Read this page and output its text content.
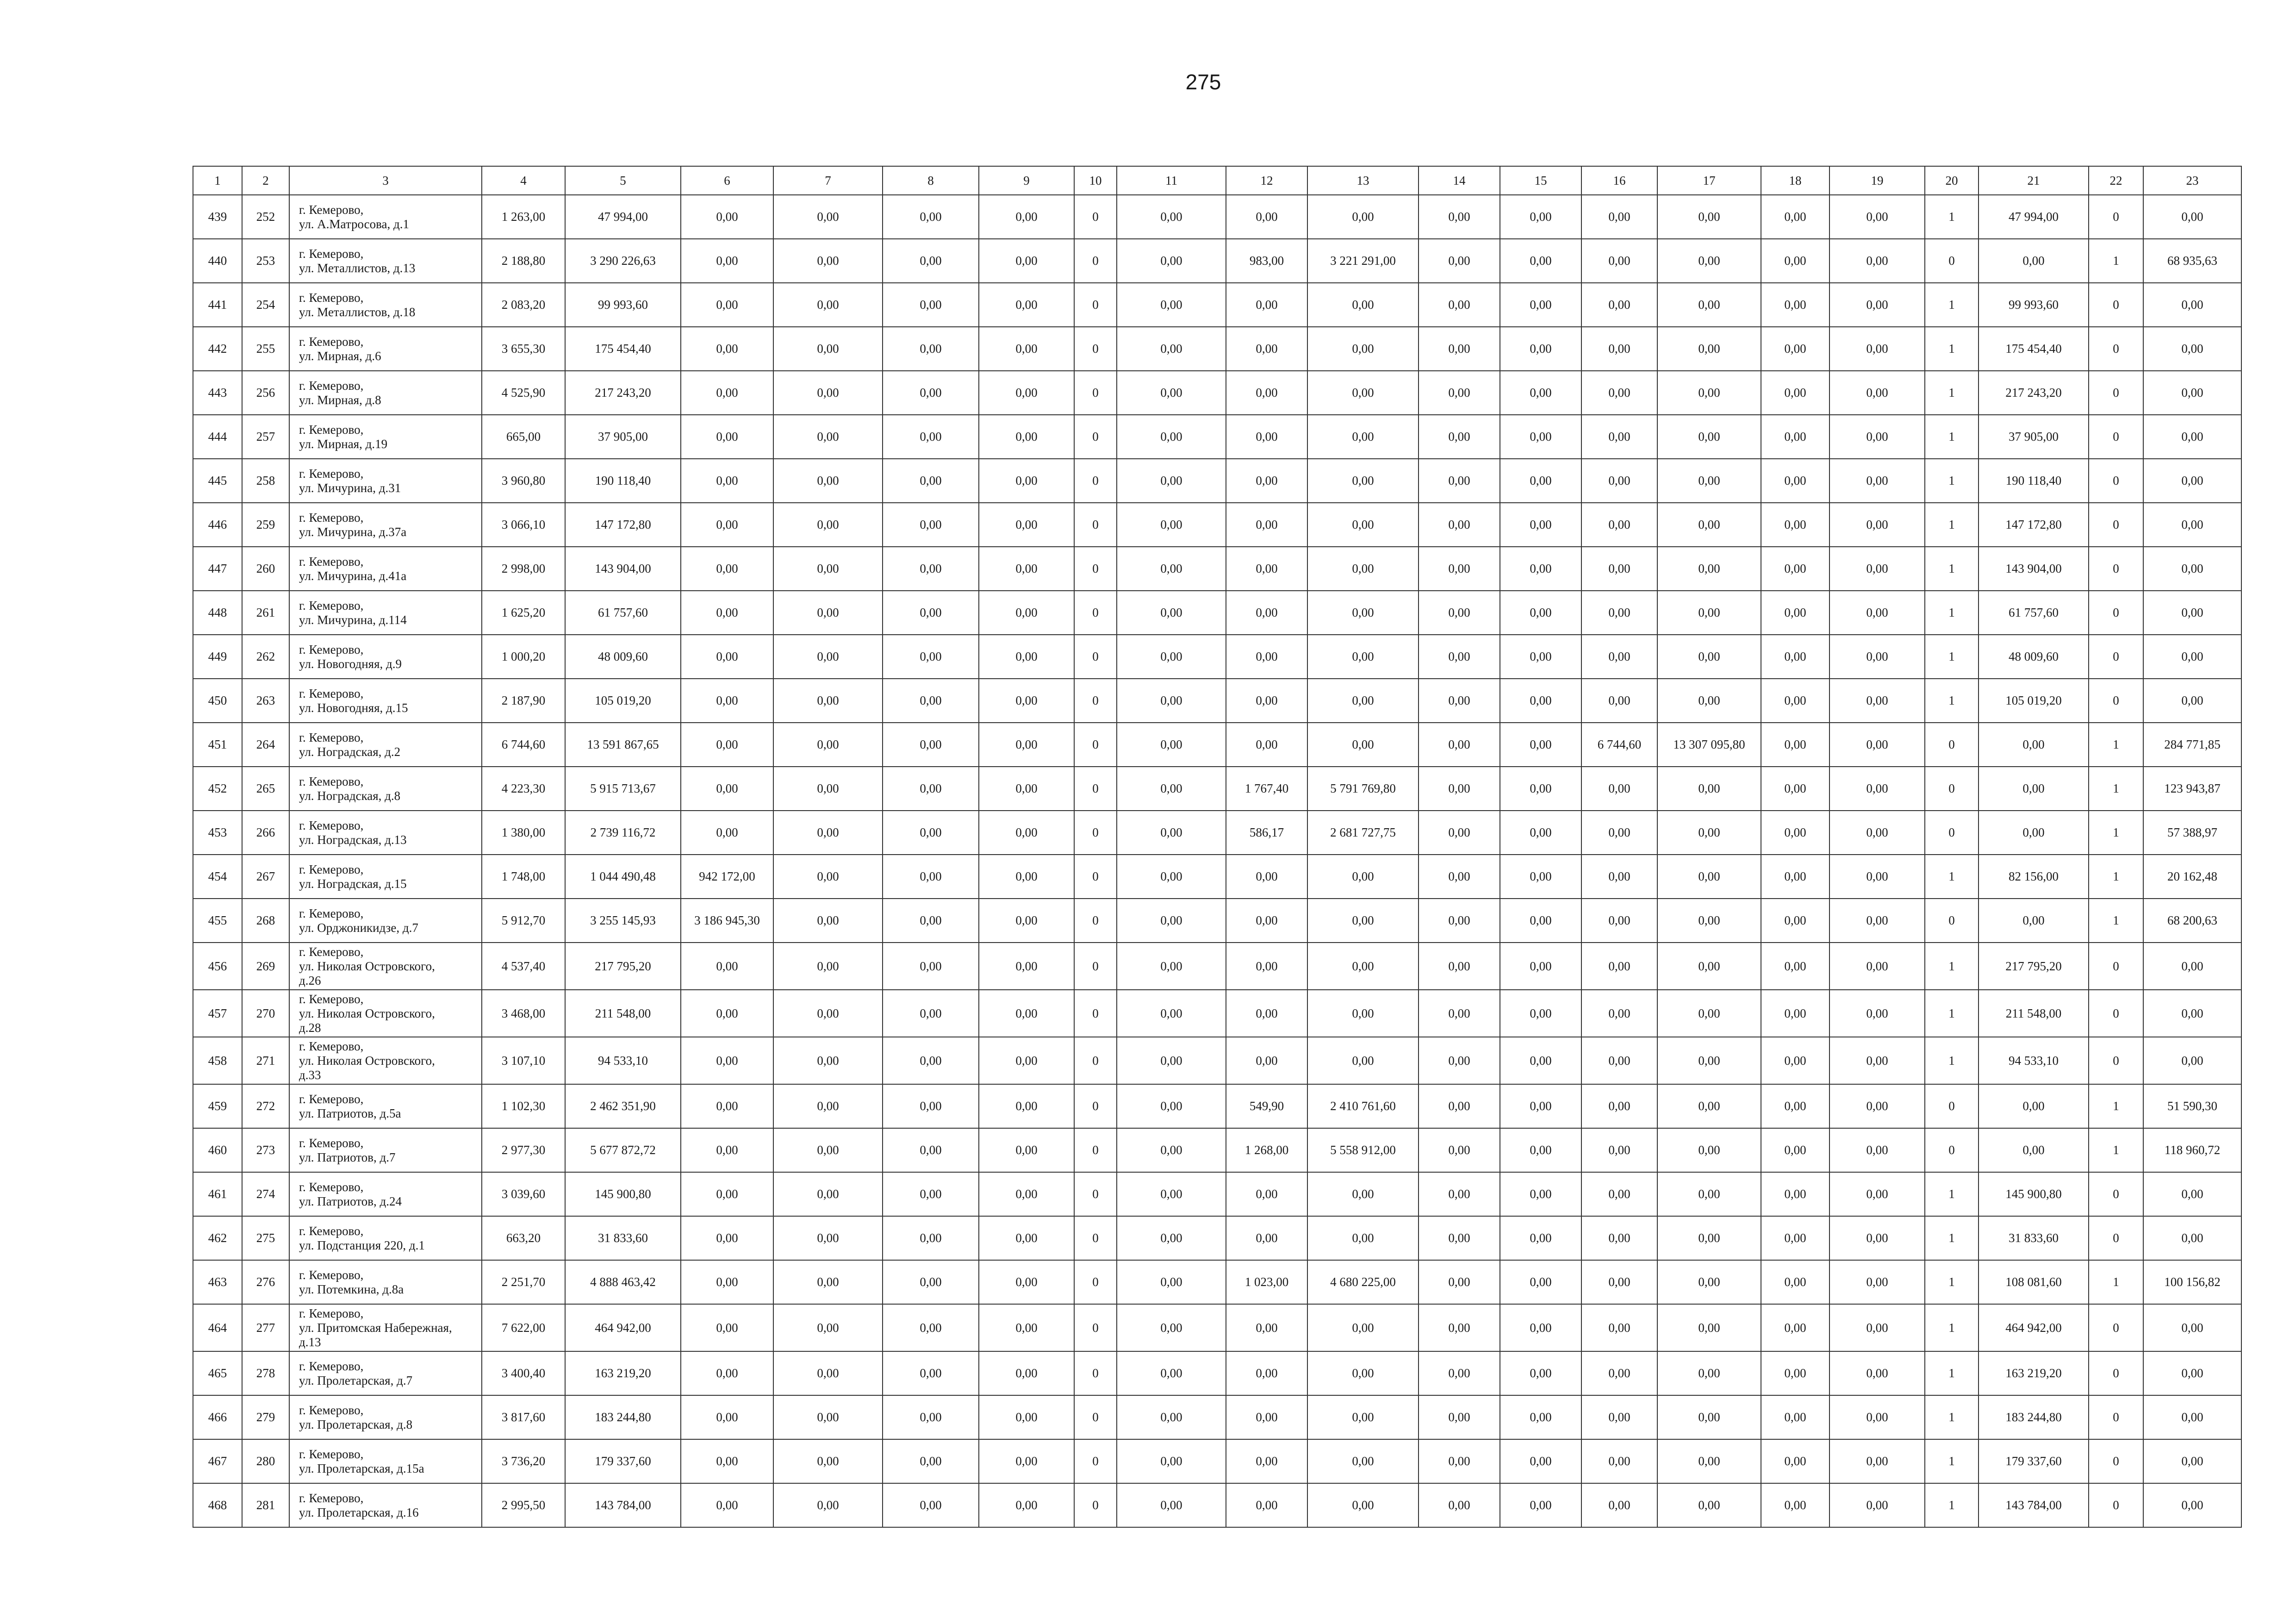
275
1	2	3	4	5	6	7	8	9	10	11	12	13	14	15	16	17	18	19	20	21	22	23
439	252	г. Кемерово,
ул. А.Матросова, д.1	1 263,00	47 994,00	0,00	0,00	0,00	0,00	0	0,00	0,00	0,00	0,00	0,00	0,00	0,00	0,00	0,00	1	47 994,00	0	0,00
440	253	г. Кемерово,
ул. Металлистов, д.13	2 188,80	3 290 226,63	0,00	0,00	0,00	0,00	0	0,00	983,00	3 221 291,00	0,00	0,00	0,00	0,00	0,00	0,00	0	0,00	1	68 935,63
441	254	г. Кемерово,
ул. Металлистов, д.18	2 083,20	99 993,60	0,00	0,00	0,00	0,00	0	0,00	0,00	0,00	0,00	0,00	0,00	0,00	0,00	0,00	1	99 993,60	0	0,00
442	255	г. Кемерово,
ул. Мирная, д.6	3 655,30	175 454,40	0,00	0,00	0,00	0,00	0	0,00	0,00	0,00	0,00	0,00	0,00	0,00	0,00	0,00	1	175 454,40	0	0,00
443	256	г. Кемерово,
ул. Мирная, д.8	4 525,90	217 243,20	0,00	0,00	0,00	0,00	0	0,00	0,00	0,00	0,00	0,00	0,00	0,00	0,00	0,00	1	217 243,20	0	0,00
444	257	г. Кемерово,
ул. Мирная, д.19	665,00	37 905,00	0,00	0,00	0,00	0,00	0	0,00	0,00	0,00	0,00	0,00	0,00	0,00	0,00	0,00	1	37 905,00	0	0,00
445	258	г. Кемерово,
ул. Мичурина, д.31	3 960,80	190 118,40	0,00	0,00	0,00	0,00	0	0,00	0,00	0,00	0,00	0,00	0,00	0,00	0,00	0,00	1	190 118,40	0	0,00
446	259	г. Кемерово,
ул. Мичурина, д.37а	3 066,10	147 172,80	0,00	0,00	0,00	0,00	0	0,00	0,00	0,00	0,00	0,00	0,00	0,00	0,00	0,00	1	147 172,80	0	0,00
447	260	г. Кемерово,
ул. Мичурина, д.41а	2 998,00	143 904,00	0,00	0,00	0,00	0,00	0	0,00	0,00	0,00	0,00	0,00	0,00	0,00	0,00	0,00	1	143 904,00	0	0,00
448	261	г. Кемерово,
ул. Мичурина, д.114	1 625,20	61 757,60	0,00	0,00	0,00	0,00	0	0,00	0,00	0,00	0,00	0,00	0,00	0,00	0,00	0,00	1	61 757,60	0	0,00
449	262	г. Кемерово,
ул. Новогодняя, д.9	1 000,20	48 009,60	0,00	0,00	0,00	0,00	0	0,00	0,00	0,00	0,00	0,00	0,00	0,00	0,00	0,00	1	48 009,60	0	0,00
450	263	г. Кемерово,
ул. Новогодняя, д.15	2 187,90	105 019,20	0,00	0,00	0,00	0,00	0	0,00	0,00	0,00	0,00	0,00	0,00	0,00	0,00	0,00	1	105 019,20	0	0,00
451	264	г. Кемерово,
ул. Ноградская, д.2	6 744,60	13 591 867,65	0,00	0,00	0,00	0,00	0	0,00	0,00	0,00	0,00	0,00	6 744,60	13 307 095,80	0,00	0,00	0	0,00	1	284 771,85
452	265	г. Кемерово,
ул. Ноградская, д.8	4 223,30	5 915 713,67	0,00	0,00	0,00	0,00	0	0,00	1 767,40	5 791 769,80	0,00	0,00	0,00	0,00	0,00	0,00	0	0,00	1	123 943,87
453	266	г. Кемерово,
ул. Ноградская, д.13	1 380,00	2 739 116,72	0,00	0,00	0,00	0,00	0	0,00	586,17	2 681 727,75	0,00	0,00	0,00	0,00	0,00	0,00	0	0,00	1	57 388,97
454	267	г. Кемерово,
ул. Ноградская, д.15	1 748,00	1 044 490,48	942 172,00	0,00	0,00	0,00	0	0,00	0,00	0,00	0,00	0,00	0,00	0,00	0,00	0,00	1	82 156,00	1	20 162,48
455	268	г. Кемерово,
ул. Орджоникидзе, д.7	5 912,70	3 255 145,93	3 186 945,30	0,00	0,00	0,00	0	0,00	0,00	0,00	0,00	0,00	0,00	0,00	0,00	0,00	0	0,00	1	68 200,63
456	269	г. Кемерово,
ул. Николая Островского,
д.26	4 537,40	217 795,20	0,00	0,00	0,00	0,00	0	0,00	0,00	0,00	0,00	0,00	0,00	0,00	0,00	0,00	1	217 795,20	0	0,00
457	270	г. Кемерово,
ул. Николая Островского,
д.28	3 468,00	211 548,00	0,00	0,00	0,00	0,00	0	0,00	0,00	0,00	0,00	0,00	0,00	0,00	0,00	0,00	1	211 548,00	0	0,00
458	271	г. Кемерово,
ул. Николая Островского,
д.33	3 107,10	94 533,10	0,00	0,00	0,00	0,00	0	0,00	0,00	0,00	0,00	0,00	0,00	0,00	0,00	0,00	1	94 533,10	0	0,00
459	272	г. Кемерово,
ул. Патриотов, д.5а	1 102,30	2 462 351,90	0,00	0,00	0,00	0,00	0	0,00	549,90	2 410 761,60	0,00	0,00	0,00	0,00	0,00	0,00	0	0,00	1	51 590,30
460	273	г. Кемерово,
ул. Патриотов, д.7	2 977,30	5 677 872,72	0,00	0,00	0,00	0,00	0	0,00	1 268,00	5 558 912,00	0,00	0,00	0,00	0,00	0,00	0,00	0	0,00	1	118 960,72
461	274	г. Кемерово,
ул. Патриотов, д.24	3 039,60	145 900,80	0,00	0,00	0,00	0,00	0	0,00	0,00	0,00	0,00	0,00	0,00	0,00	0,00	0,00	1	145 900,80	0	0,00
462	275	г. Кемерово,
ул. Подстанция 220, д.1	663,20	31 833,60	0,00	0,00	0,00	0,00	0	0,00	0,00	0,00	0,00	0,00	0,00	0,00	0,00	0,00	1	31 833,60	0	0,00
463	276	г. Кемерово,
ул. Потемкина, д.8а	2 251,70	4 888 463,42	0,00	0,00	0,00	0,00	0	0,00	1 023,00	4 680 225,00	0,00	0,00	0,00	0,00	0,00	0,00	1	108 081,60	1	100 156,82
464	277	г. Кемерово,
ул. Притомская Набережная,
д.13	7 622,00	464 942,00	0,00	0,00	0,00	0,00	0	0,00	0,00	0,00	0,00	0,00	0,00	0,00	0,00	0,00	1	464 942,00	0	0,00
465	278	г. Кемерово,
ул. Пролетарская, д.7	3 400,40	163 219,20	0,00	0,00	0,00	0,00	0	0,00	0,00	0,00	0,00	0,00	0,00	0,00	0,00	0,00	1	163 219,20	0	0,00
466	279	г. Кемерово,
ул. Пролетарская, д.8	3 817,60	183 244,80	0,00	0,00	0,00	0,00	0	0,00	0,00	0,00	0,00	0,00	0,00	0,00	0,00	0,00	1	183 244,80	0	0,00
467	280	г. Кемерово,
ул. Пролетарская, д.15а	3 736,20	179 337,60	0,00	0,00	0,00	0,00	0	0,00	0,00	0,00	0,00	0,00	0,00	0,00	0,00	0,00	1	179 337,60	0	0,00
468	281	г. Кемерово,
ул. Пролетарская, д.16	2 995,50	143 784,00	0,00	0,00	0,00	0,00	0	0,00	0,00	0,00	0,00	0,00	0,00	0,00	0,00	0,00	1	143 784,00	0	0,00
